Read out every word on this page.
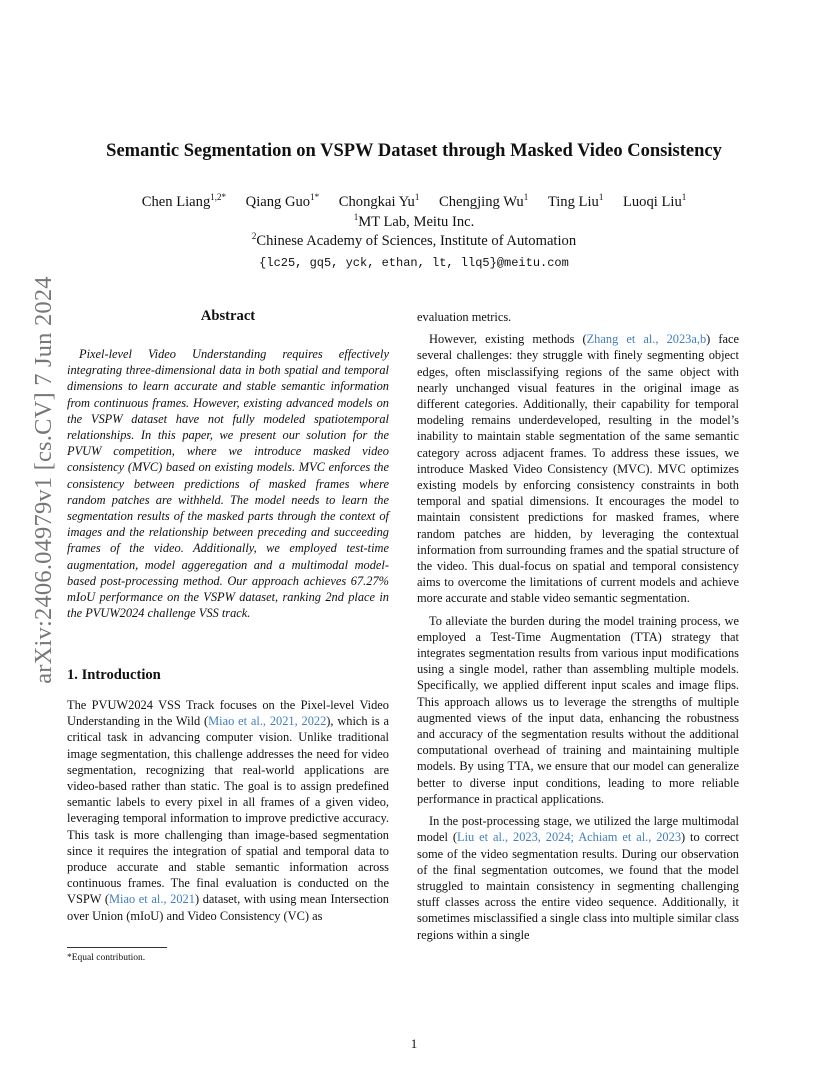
arXiv:2406.04979v1 [cs.CV] 7 Jun 2024
Semantic Segmentation on VSPW Dataset through Masked Video Consistency
Chen Liang$^{1,2*}$ Qiang Guo$^{1*}$ Chongkai Yu$^1$ Chengjing Wu$^1$ Ting Liu$^1$ Luoqi Liu$^1$
$^1$MT Lab, Meitu Inc.
$^2$Chinese Academy of Sciences, Institute of Automation
{lc25, gq5, yck, ethan, lt, llq5}@meitu.com
Abstract

Pixel-level Video Understanding requires effectively integrating three-dimensional data in both spatial and temporal dimensions to learn accurate and stable semantic information from continuous frames. However, existing advanced models on the VSPW dataset have not fully modeled spatiotemporal relationships. In this paper, we present our solution for the PVUW competition, where we introduce masked video consistency (MVC) based on existing models. MVC enforces the consistency between predictions of masked frames where random patches are withheld. The model needs to learn the segmentation results of the masked parts through the context of images and the relationship between preceding and succeeding frames of the video. Additionally, we employed test-time augmentation, model aggeregation and a multimodal model-based post-processing method. Our approach achieves 67.27% mIoU performance on the VSPW dataset, ranking 2nd place in the PVUW2024 challenge VSS track.

1. Introduction

The PVUW2024 VSS Track focuses on the Pixel-level Video Understanding in the Wild (Miao et al., 2021, 2022), which is a critical task in advancing computer vision. Unlike traditional image segmentation, this challenge addresses the need for video segmentation, recognizing that real-world applications are video-based rather than static. The goal is to assign predefined semantic labels to every pixel in all frames of a given video, leveraging temporal information to improve predictive accuracy. This task is more challenging than image-based segmentation since it requires the integration of spatial and temporal data to produce accurate and stable semantic information across continuous frames. The final evaluation is conducted on the VSPW (Miao et al., 2021) dataset, with using mean Intersection over Union (mIoU) and Video Consistency (VC) as

*Equal contribution.

evaluation metrics.

However, existing methods (Zhang et al., 2023a,b) face several challenges: they struggle with finely segmenting object edges, often misclassifying regions of the same object with nearly unchanged visual features in the original image as different categories. Additionally, their capability for temporal modeling remains underdeveloped, resulting in the model’s inability to maintain stable segmentation of the same semantic category across adjacent frames. To address these issues, we introduce Masked Video Consistency (MVC). MVC optimizes existing models by enforcing consistency constraints in both temporal and spatial dimensions. It encourages the model to maintain consistent predictions for masked frames, where random patches are hidden, by leveraging the contextual information from surrounding frames and the spatial structure of the video. This dual-focus on spatial and temporal consistency aims to overcome the limitations of current models and achieve more accurate and stable video semantic segmentation.

To alleviate the burden during the model training process, we employed a Test-Time Augmentation (TTA) strategy that integrates segmentation results from various input modifications using a single model, rather than assembling multiple models. Specifically, we applied different input scales and image flips. This approach allows us to leverage the strengths of multiple augmented views of the input data, enhancing the robustness and accuracy of the segmentation results without the additional computational overhead of training and maintaining multiple models. By using TTA, we ensure that our model can generalize better to diverse input conditions, leading to more reliable performance in practical applications.

In the post-processing stage, we utilized the large multimodal model (Liu et al., 2023, 2024; Achiam et al., 2023) to correct some of the video segmentation results. During our observation of the final segmentation outcomes, we found that the model struggled to maintain consistency in segmenting challenging stuff classes across the entire video sequence. Additionally, it sometimes misclassified a single class into multiple similar class regions within a single

1
